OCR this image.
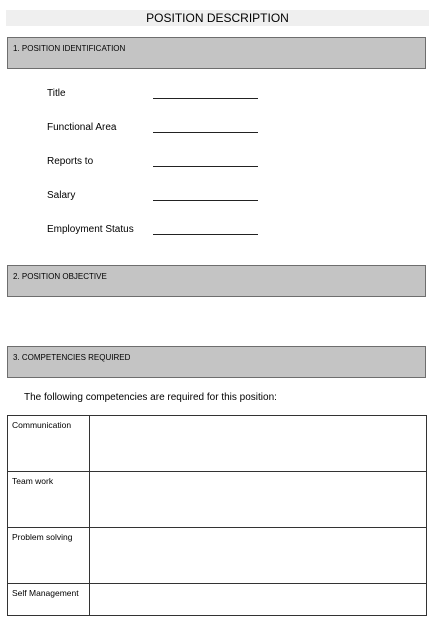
POSITION DESCRIPTION
1. POSITION IDENTIFICATION
Title
Functional Area
Reports to
Salary
Employment Status
2. POSITION OBJECTIVE
3. COMPETENCIES REQUIRED
The following competencies are required for this position:
Communication	
Team work	
Problem solving	
Self Management	
